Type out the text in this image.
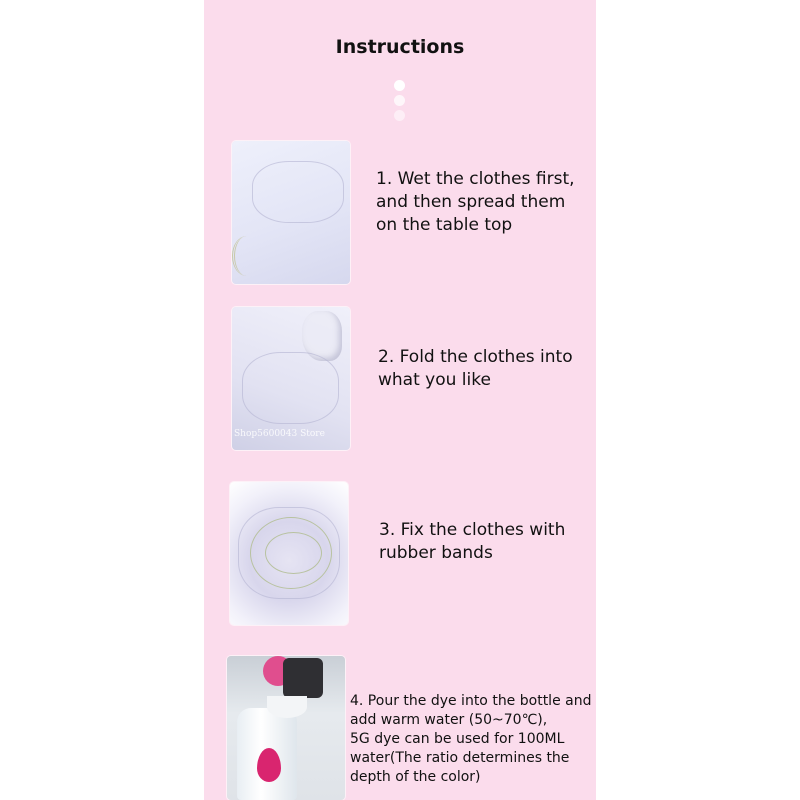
Instructions
1. Wet the clothes first,
and then spread them
on the table top
Shop5600043 Store
2. Fold the clothes into
what you like
3. Fix the clothes with
rubber bands
4. Pour the dye into the bottle and
add warm water (50~70℃),
5G dye can be used for 100ML
water(The ratio determines the
depth of the color)
